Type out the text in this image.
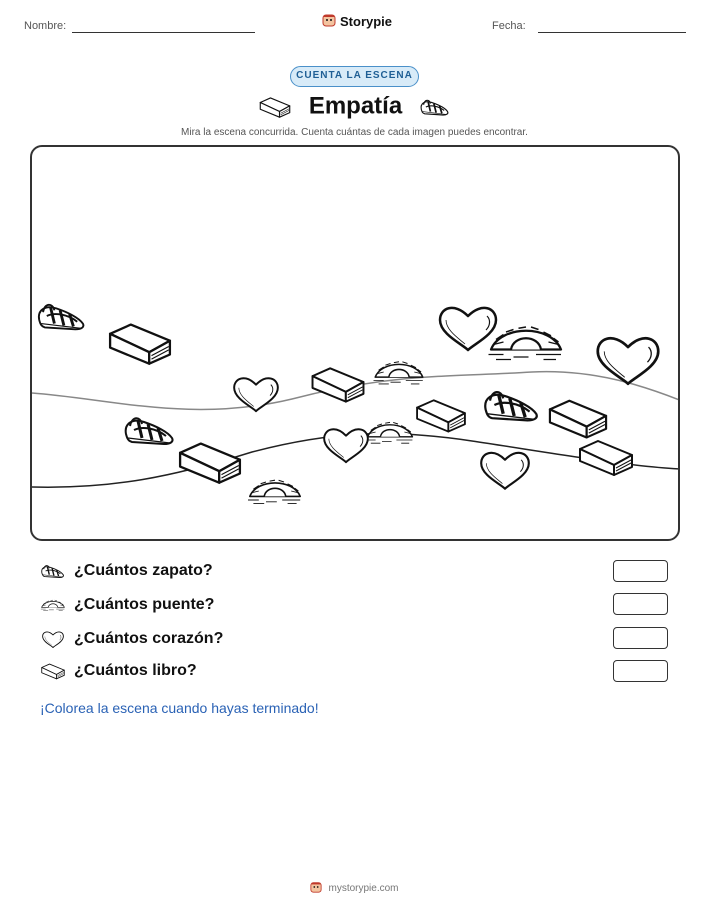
Nombre:	Storypie	Fecha:
CUENTA LA ESCENA
Empatía
Mira la escena concurrida. Cuenta cuántas de cada imagen puedes encontrar.
¿Cuántos zapato?
¿Cuántos puente?
¿Cuántos corazón?
¿Cuántos libro?
¡Colorea la escena cuando hayas terminado!
mystorypie.com
